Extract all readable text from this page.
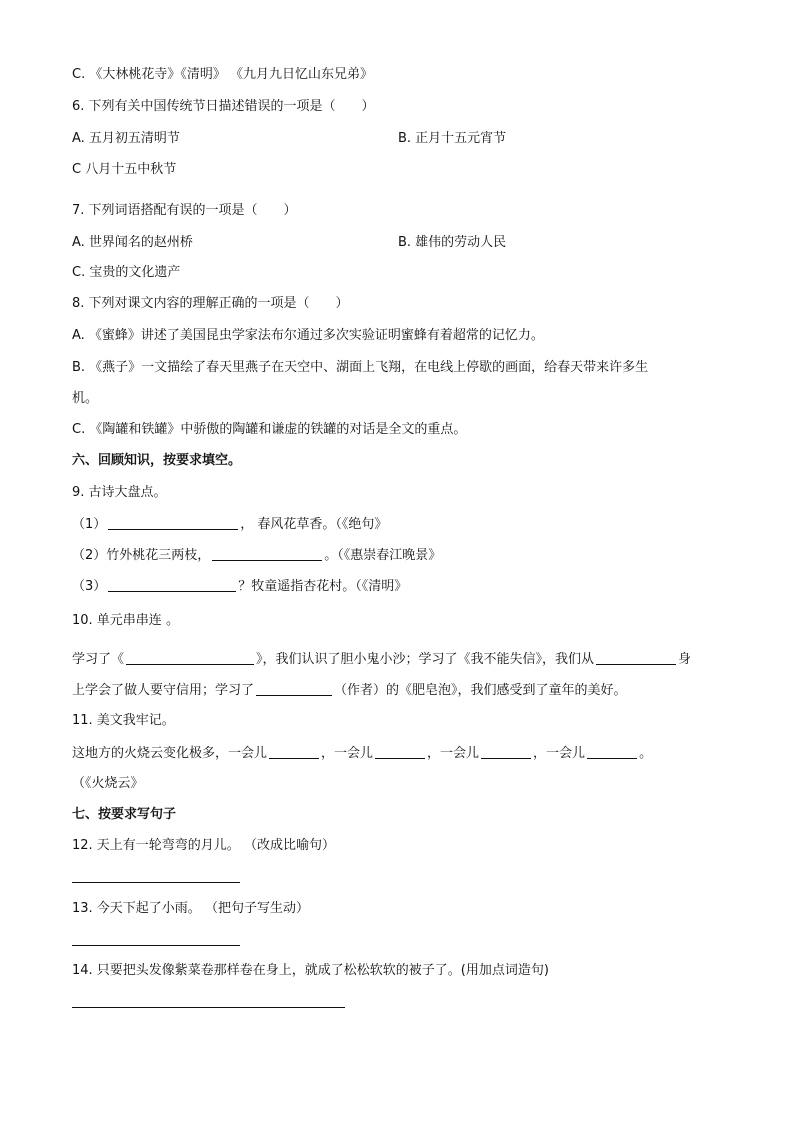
C. 《大林桃花寺》《清明》 《九月九日忆山东兄弟》
6. 下列有关中国传统节日描述错误的一项是（　　）
A. 五月初五清明节	B. 正月十五元宵节
C 八月十五中秋节
7. 下列词语搭配有误的一项是（　　）
A. 世界闻名的赵州桥	B. 雄伟的劳动人民
C. 宝贵的文化遗产
8. 下列对课文内容的理解正确的一项是（　　）
A. 《蜜蜂》讲述了美国昆虫学家法布尔通过多次实验证明蜜蜂有着超常的记忆力。
B. 《燕子》一文描绘了春天里燕子在天空中、湖面上飞翔，在电线上停歇的画面，给春天带来许多生
机。
C. 《陶罐和铁罐》中骄傲的陶罐和谦虚的铁罐的对话是全文的重点。
六、回顾知识，按要求填空。
9. 古诗大盘点。
（1）	， 春风花草香。（《绝句》
（2）竹外桃花三两枝，	。（《惠崇春江晚景》
（3）	？牧童遥指杏花村。（《清明》
10. 单元串串连 。
学习了《	》，我们认识了胆小鬼小沙；学习了《我不能失信》，我们从	身
上学会了做人要守信用；学习了	（作者）的《肥皂泡》，我们感受到了童年的美好。
11. 美文我牢记。
这地方的火烧云变化极多，一会儿	，一会儿	，一会儿	，一会儿	。
（《火烧云》
七、按要求写句子
12. 天上有一轮弯弯的月儿。 （改成比喻句）
13. 今天下起了小雨。 （把句子写生动）
14. 只要把头发像紫菜卷那样卷在身上，就成了松松软软的被子了。(用加点词造句)
